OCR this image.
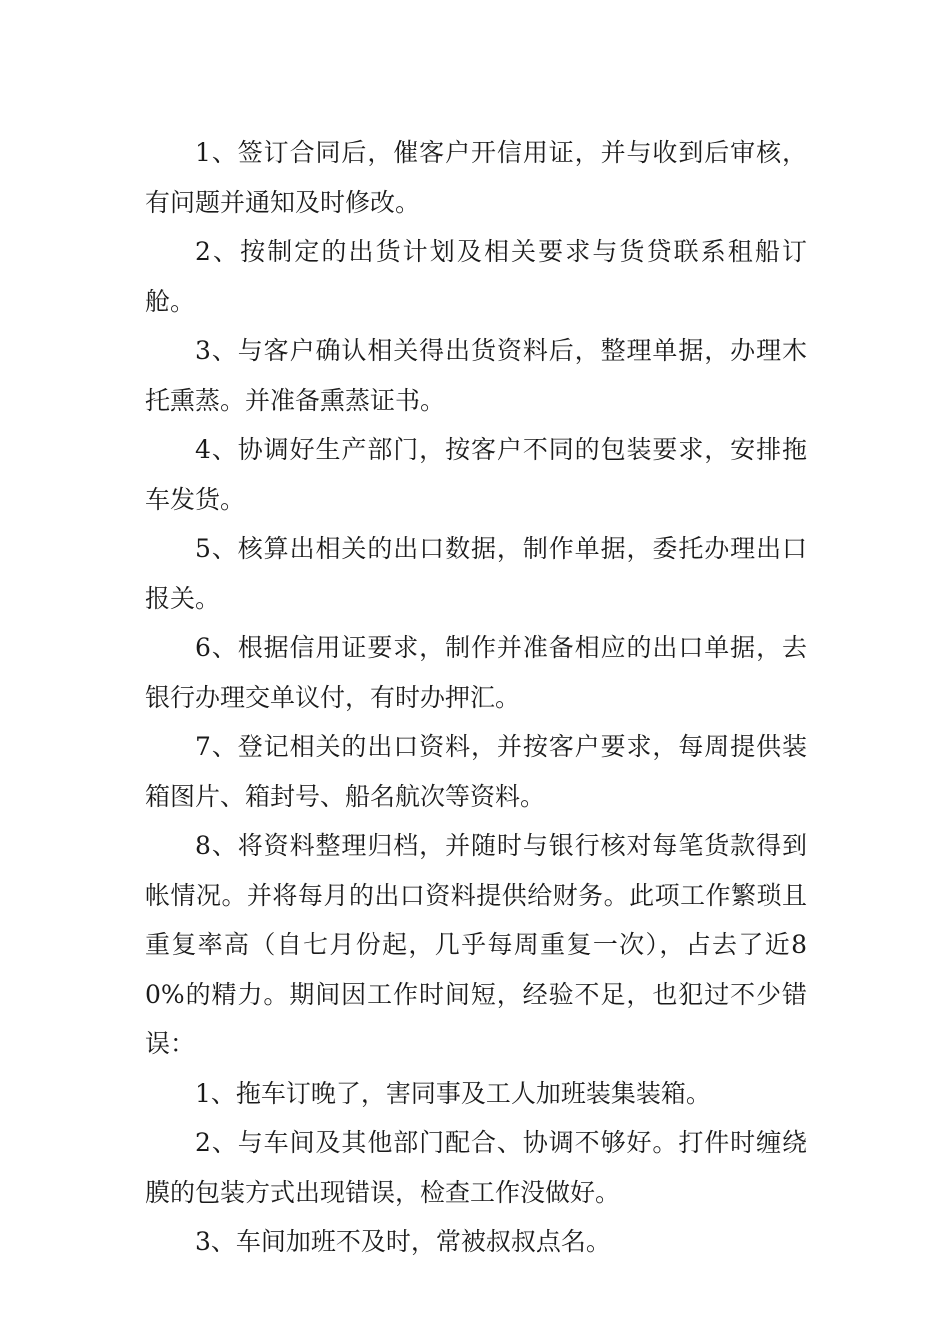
1、签订合同后，催客户开信用证，并与收到后审核，有问题并通知及时修改。

2、按制定的出货计划及相关要求与货贷联系租船订舱。

3、与客户确认相关得出货资料后，整理单据，办理木托熏蒸。并准备熏蒸证书。

4、协调好生产部门，按客户不同的包装要求，安排拖车发货。

5、核算出相关的出口数据，制作单据，委托办理出口报关。

6、根据信用证要求，制作并准备相应的出口单据，去银行办理交单议付，有时办押汇。

7、登记相关的出口资料，并按客户要求，每周提供装箱图片、箱封号、船名航次等资料。

8、将资料整理归档，并随时与银行核对每笔货款得到帐情况。并将每月的出口资料提供给财务。此项工作繁琐且重复率高（自七月份起，几乎每周重复一次），占去了近80%的精力。期间因工作时间短，经验不足，也犯过不少错误：

1、拖车订晚了，害同事及工人加班装集装箱。

2、与车间及其他部门配合、协调不够好。打件时缠绕膜的包装方式出现错误，检查工作没做好。

3、车间加班不及时，常被叔叔点名。
